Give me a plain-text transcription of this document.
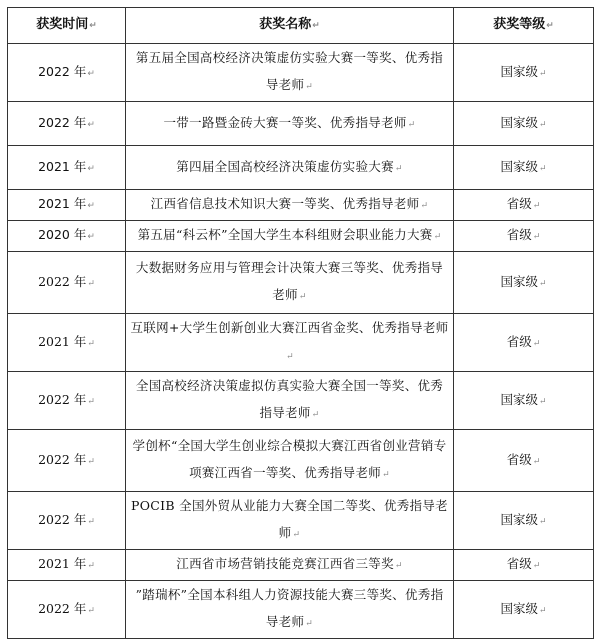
获奖时间↵	获奖名称↵	获奖等级↵
2022 年↵	第五届全国高校经济决策虚仿实验大赛一等奖、优秀指导老师↵	国家级↵
2022 年↵	一带一路暨金砖大赛一等奖、优秀指导老师↵	国家级↵
2021 年↵	第四届全国高校经济决策虚仿实验大赛↵	国家级↵
2021 年↵	江西省信息技术知识大赛一等奖、优秀指导老师↵	省级↵
2020 年↵	第五届“科云杯”全国大学生本科组财会职业能力大赛↵	省级↵
2022 年↵	大数据财务应用与管理会计决策大赛三等奖、优秀指导老师↵	国家级↵
2021 年↵	互联网+大学生创新创业大赛江西省金奖、优秀指导老师↵	省级↵
2022 年↵	全国高校经济决策虚拟仿真实验大赛全国一等奖、优秀指导老师↵	国家级↵
2022 年↵	学创杯“全国大学生创业综合模拟大赛江西省创业营销专项赛江西省一等奖、优秀指导老师↵	省级↵
2022 年↵	POCIB 全国外贸从业能力大赛全国二等奖、优秀指导老师↵	国家级↵
2021 年↵	江西省市场营销技能竞赛江西省三等奖↵	省级↵
2022 年↵	”踏瑞杯”全国本科组人力资源技能大赛三等奖、优秀指导老师↵	国家级↵
